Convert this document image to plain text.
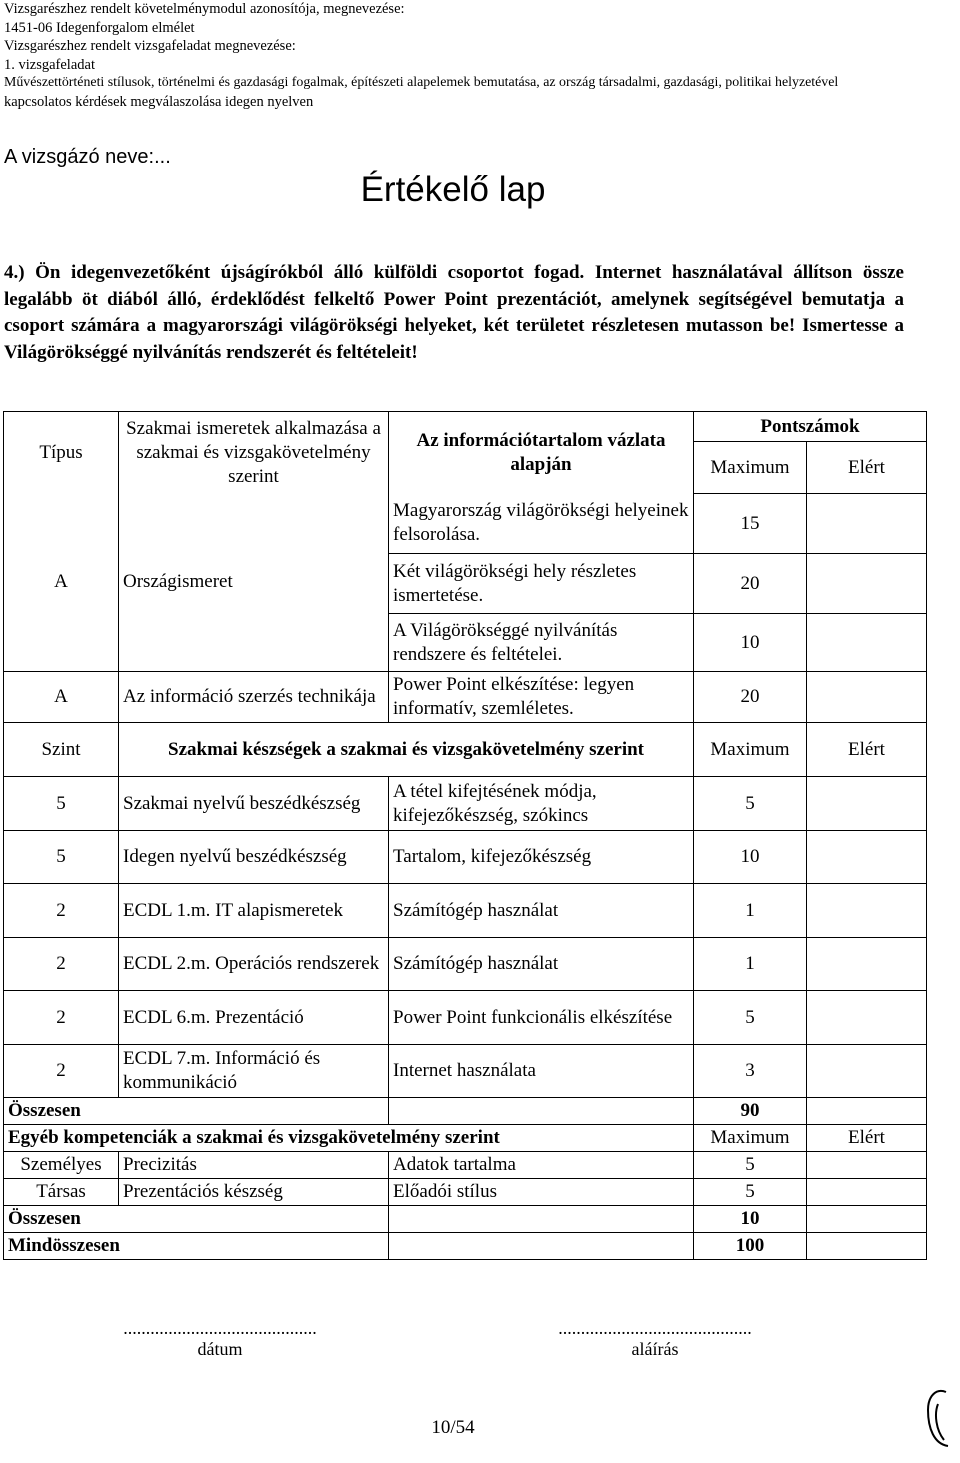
Vizsgarészhez rendelt követelménymodul azonosítója, megnevezése:
1451-06 Idegenforgalom elmélet
Vizsgarészhez rendelt vizsgafeladat megnevezése:
1. vizsgafeladat
Művészettörténeti stílusok, történelmi és gazdasági fogalmak, építészeti alapelemek bemutatása, az ország társadalmi, gazdasági, politikai helyzetével
kapcsolatos kérdések megválaszolása idegen nyelven
A vizsgázó neve:...
Értékelő lap
4.) Ön idegenvezetőként újságírókból álló külföldi csoportot fogad. Internet használatával állítson össze legalább öt diából álló, érdeklődést felkeltő Power Point prezentációt, amelynek segítségével bemutatja a csoport számára a magyarországi világörökségi helyeket, két területet részletesen mutasson be! Ismertesse a Világörökséggé nyilvánítás rendszerét és feltételeit!
Típus	Szakmai ismeretek alkalmazása a szakmai és vizsgakövetelmény szerint	Az információtartalom vázlata alapján	Pontszámok	
			Maximum	Elért
A	Országismeret	Magyarország világörökségi helyeinek felsorolása.	15	
		Két világörökségi hely részletes ismertetése.	20	
		A Világörökséggé nyilvánítás rendszere és feltételei.	10	
A	Az információ szerzés technikája	Power Point elkészítése: legyen informatív, szemléletes.	20	
Szint	Szakmai készségek a szakmai és vizsgakövetelmény szerint		Maximum	Elért
5	Szakmai nyelvű beszédkészség	A tétel kifejtésének módja, kifejezőkészség, szókincs	5	
5	Idegen nyelvű beszédkészség	Tartalom, kifejezőkészség	10	
2	ECDL 1.m. IT alapismeretek	Számítógép használat	1	
2	ECDL 2.m. Operációs rendszerek	Számítógép használat	1	
2	ECDL 6.m. Prezentáció	Power Point funkcionális elkészítése	5	
2	ECDL 7.m. Információ és kommunikáció	Internet használata	3	
Összesen			90	
Egyéb kompetenciák a szakmai és vizsgakövetelmény szerint			Maximum	Elért
Személyes	Precizitás	Adatok tartalma	5	
Társas	Prezentációs készség	Előadói stílus	5	
Összesen			10	
Mindösszesen			100	
...........................................
dátum
...........................................
aláírás
10/54
